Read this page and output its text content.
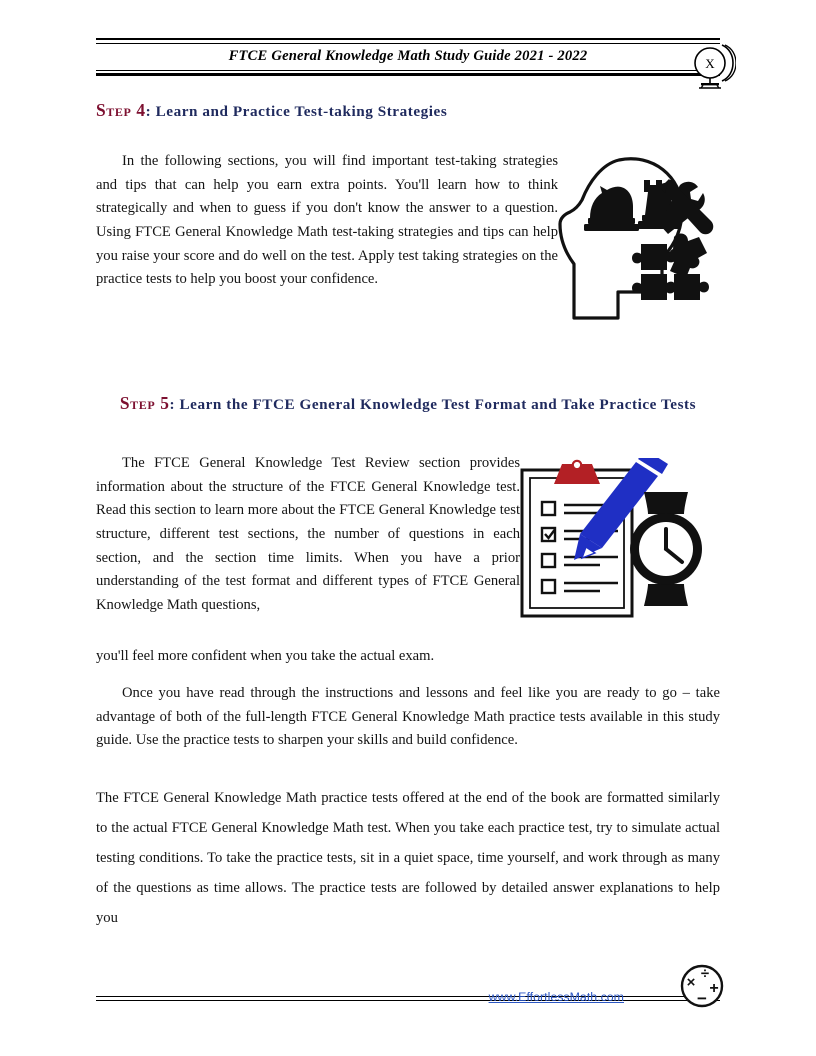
FTCE General Knowledge Math Study Guide 2021 - 2022	X
Step 4: Learn and Practice Test-taking Strategies

In the following sections, you will find important test-taking strategies and tips that can help you earn extra points. You'll learn how to think strategically and when to guess if you don't know the answer to a question. Using FTCE General Knowledge Math test-taking strategies and tips can help you raise your score and do well on the test. Apply test taking strategies on the practice tests to help you boost your confidence.

Step 5: Learn the FTCE General Knowledge Test Format and Take Practice Tests

The FTCE General Knowledge Test Review section provides information about the structure of the FTCE General Knowledge test. Read this section to learn more about the FTCE General Knowledge test structure, different test sections, the number of questions in each section, and the section time limits. When you have a prior understanding of the test format and different types of FTCE General Knowledge Math questions,

you'll feel more confident when you take the actual exam.

Once you have read through the instructions and lessons and feel like you are ready to go – take advantage of both of the full-length FTCE General Knowledge Math practice tests available in this study guide. Use the practice tests to sharpen your skills and build confidence.

The FTCE General Knowledge Math practice tests offered at the end of the book are formatted similarly to the actual FTCE General Knowledge Math test. When you take each practice test, try to simulate actual testing conditions. To take the practice tests, sit in a quiet space, time yourself, and work through as many of the questions as time allows. The practice tests are followed by detailed answer explanations to help you

www.EffortlessMath.com
×
÷
+
−
